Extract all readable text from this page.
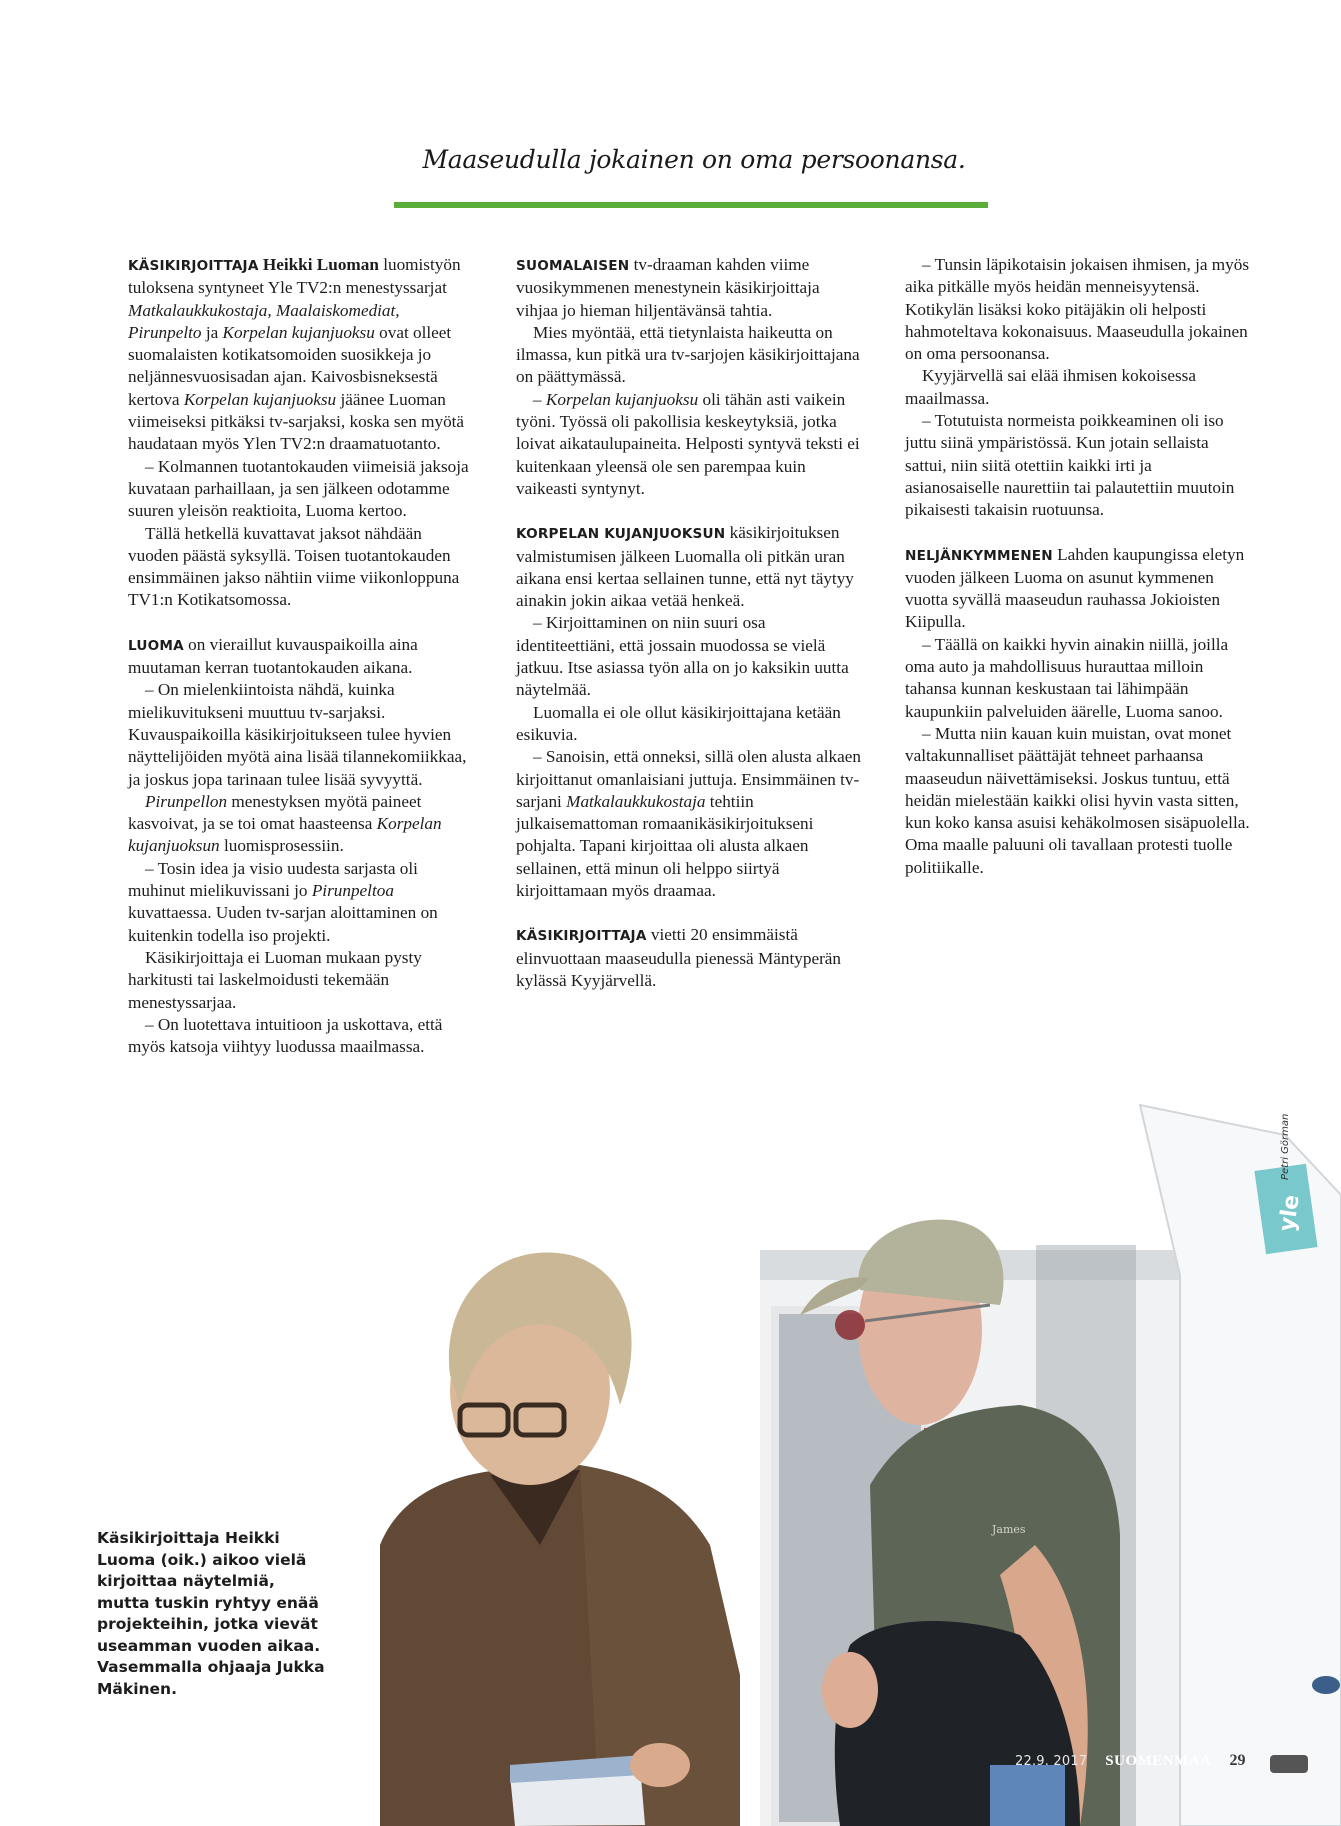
Maaseudulla jokainen on oma persoonansa.

KÄSIKIRJOITTAJA Heikki Luoman luomistyön tuloksena syntyneet Yle TV2:n menestyssarjat Matkalaukkukostaja, Maalaiskomediat, Pirunpelto ja Korpelan kujanjuoksu ovat olleet suomalaisten kotikatsomoiden suosikkeja jo neljännesvuosisadan ajan. Kaivosbisneksestä kertova Korpelan kujanjuoksu jäänee Luoman viimeiseksi pitkäksi tv-sarjaksi, koska sen myötä haudataan myös Ylen TV2:n draamatuotanto.

– Kolmannen tuotantokauden viimeisiä jaksoja kuvataan parhaillaan, ja sen jälkeen odotamme suuren yleisön reaktioita, Luoma kertoo.

Tällä hetkellä kuvattavat jaksot nähdään vuoden päästä syksyllä. Toisen tuotantokauden ensimmäinen jakso nähtiin viime viikonloppuna TV1:n Kotikatsomossa.

LUOMA on vieraillut kuvauspaikoilla aina muutaman kerran tuotantokauden aikana.

– On mielenkiintoista nähdä, kuinka mielikuvitukseni muuttuu tv-sarjaksi. Kuvauspaikoilla käsikirjoitukseen tulee hyvien näyttelijöiden myötä aina lisää tilannekomiikkaa, ja joskus jopa tarinaan tulee lisää syvyyttä.

Pirunpellon menestyksen myötä paineet kasvoivat, ja se toi omat haasteensa Korpelan kujanjuoksun luomisprosessiin.

– Tosin idea ja visio uudesta sarjasta oli muhinut mielikuvissani jo Pirunpeltoa kuvattaessa. Uuden tv-sarjan aloittaminen on kuitenkin todella iso projekti.

Käsikirjoittaja ei Luoman mukaan pysty harkitusti tai laskelmoidusti tekemään menestyssarjaa.

– On luotettava intuitioon ja uskottava, että myös katsoja viihtyy luodussa maailmassa.

SUOMALAISEN tv-draaman kahden viime vuosikymmenen menestynein käsikirjoittaja vihjaa jo hieman hiljentävänsä tahtia.

Mies myöntää, että tietynlaista haikeutta on ilmassa, kun pitkä ura tv-sarjojen käsikirjoittajana on päättymässä.

– Korpelan kujanjuoksu oli tähän asti vaikein työni. Työssä oli pakollisia keskeytyksiä, jotka loivat aikataulupaineita. Helposti syntyvä teksti ei kuitenkaan yleensä ole sen parempaa kuin vaikeasti syntynyt.

KORPELAN KUJANJUOKSUN käsikirjoituksen valmistumisen jälkeen Luomalla oli pitkän uran aikana ensi kertaa sellainen tunne, että nyt täytyy ainakin jokin aikaa vetää henkeä.

– Kirjoittaminen on niin suuri osa identiteettiäni, että jossain muodossa se vielä jatkuu. Itse asiassa työn alla on jo kaksikin uutta näytelmää.

Luomalla ei ole ollut käsikirjoittajana ketään esikuvia.

– Sanoisin, että onneksi, sillä olen alusta alkaen kirjoittanut omanlaisiani juttuja. Ensimmäinen tv-sarjani Matkalaukkukostaja tehtiin julkaisemattoman romaanikäsikirjoitukseni pohjalta. Tapani kirjoittaa oli alusta alkaen sellainen, että minun oli helppo siirtyä kirjoittamaan myös draamaa.

KÄSIKIRJOITTAJA vietti 20 ensimmäistä elinvuottaan maaseudulla pienessä Mäntyperän kylässä Kyyjärvellä.

– Tunsin läpikotaisin jokaisen ihmisen, ja myös aika pitkälle myös heidän menneisyytensä. Kotikylän lisäksi koko pitäjäkin oli helposti hahmoteltava kokonaisuus. Maaseudulla jokainen on oma persoonansa.

Kyyjärvellä sai elää ihmisen kokoisessa maailmassa.

– Totutuista normeista poikkeaminen oli iso juttu siinä ympäristössä. Kun jotain sellaista sattui, niin siitä otettiin kaikki irti ja asianosaiselle naurettiin tai palautettiin muutoin pikaisesti takaisin ruotuunsa.

NELJÄNKYMMENEN Lahden kaupungissa eletyn vuoden jälkeen Luoma on asunut kymmenen vuotta syvällä maaseudun rauhassa Jokioisten Kiipulla.

– Täällä on kaikki hyvin ainakin niillä, joilla oma auto ja mahdollisuus hurauttaa milloin tahansa kunnan keskustaan tai lähimpään kaupunkiin palveluiden äärelle, Luoma sanoo.

– Mutta niin kauan kuin muistan, ovat monet valtakunnalliset päättäjät tehneet parhaansa maaseudun näivettämiseksi. Joskus tuntuu, että heidän mielestään kaikki olisi hyvin vasta sitten, kun koko kansa asuisi kehäkolmosen sisäpuolella. Oma maalle paluuni oli tavallaan protesti tuolle politiikalle.

yle
James
Petri Görman
Käsikirjoittaja Heikki Luoma (oik.) aikoo vielä kirjoittaa näytelmiä, mutta tuskin ryhtyy enää projekteihin, jotka vievät useamman vuoden aikaa. Vasemmalla ohjaaja Jukka Mäkinen.
22.9. 2017 SUOMENMAA 29
